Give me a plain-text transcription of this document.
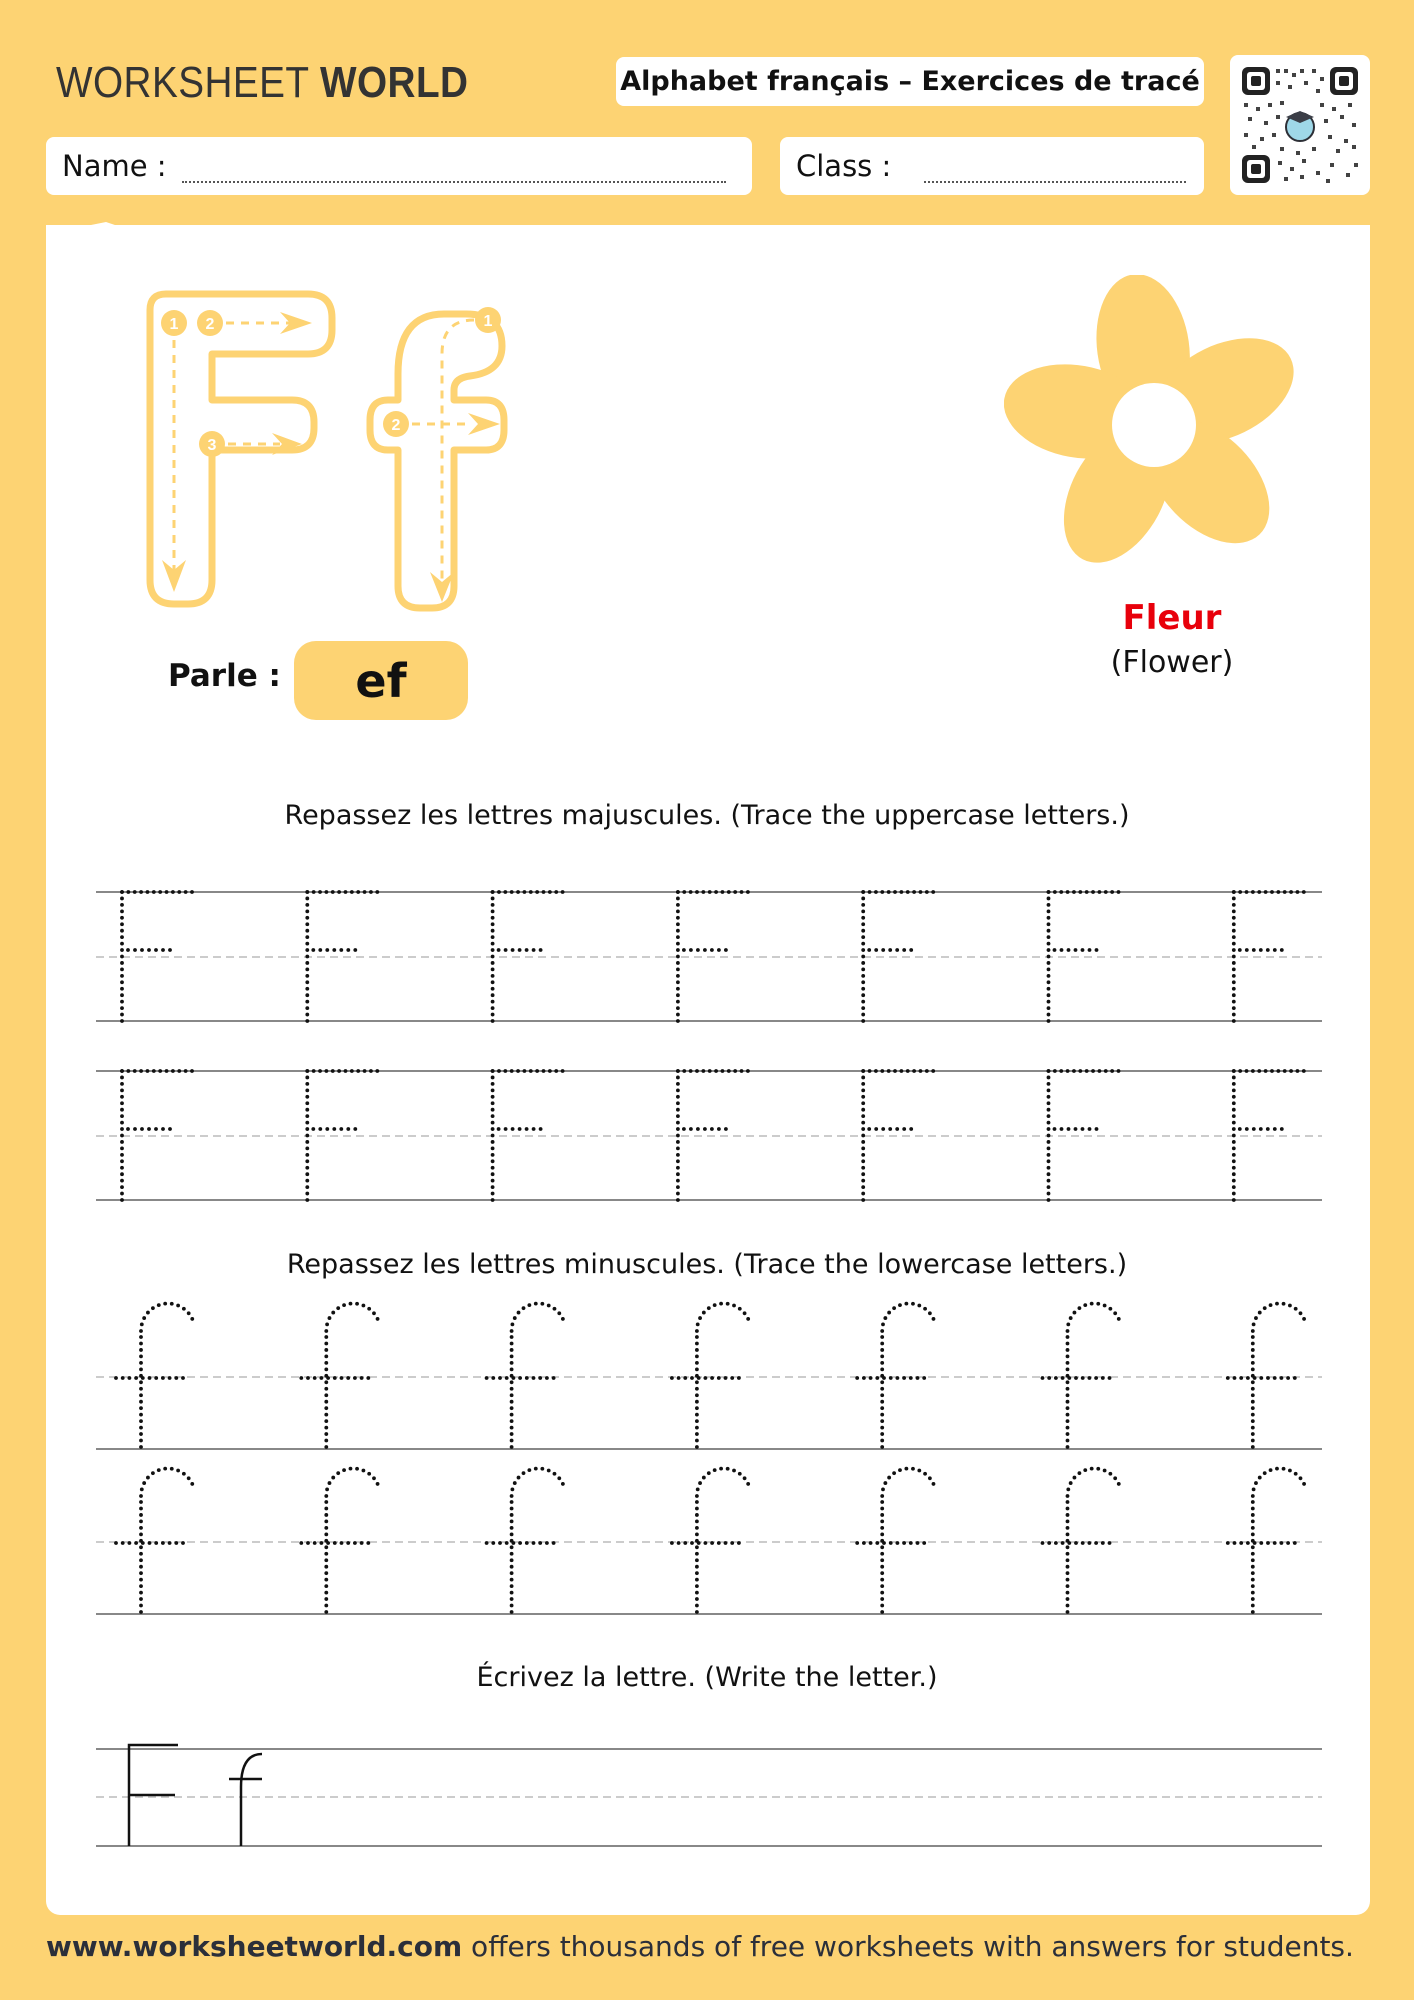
WORKSHEET WORLD	Alphabet français – Exercices de tracé
Name :	Class :
1 2
3
1
2
Parle : ef
Fleur
(Flower)
Repassez les lettres majuscules. (Trace the uppercase letters.)
Repassez les lettres minuscules. (Trace the lowercase letters.)
Écrivez la lettre. (Write the letter.)
www.worksheetworld.com offers thousands of free worksheets with answers for students.
